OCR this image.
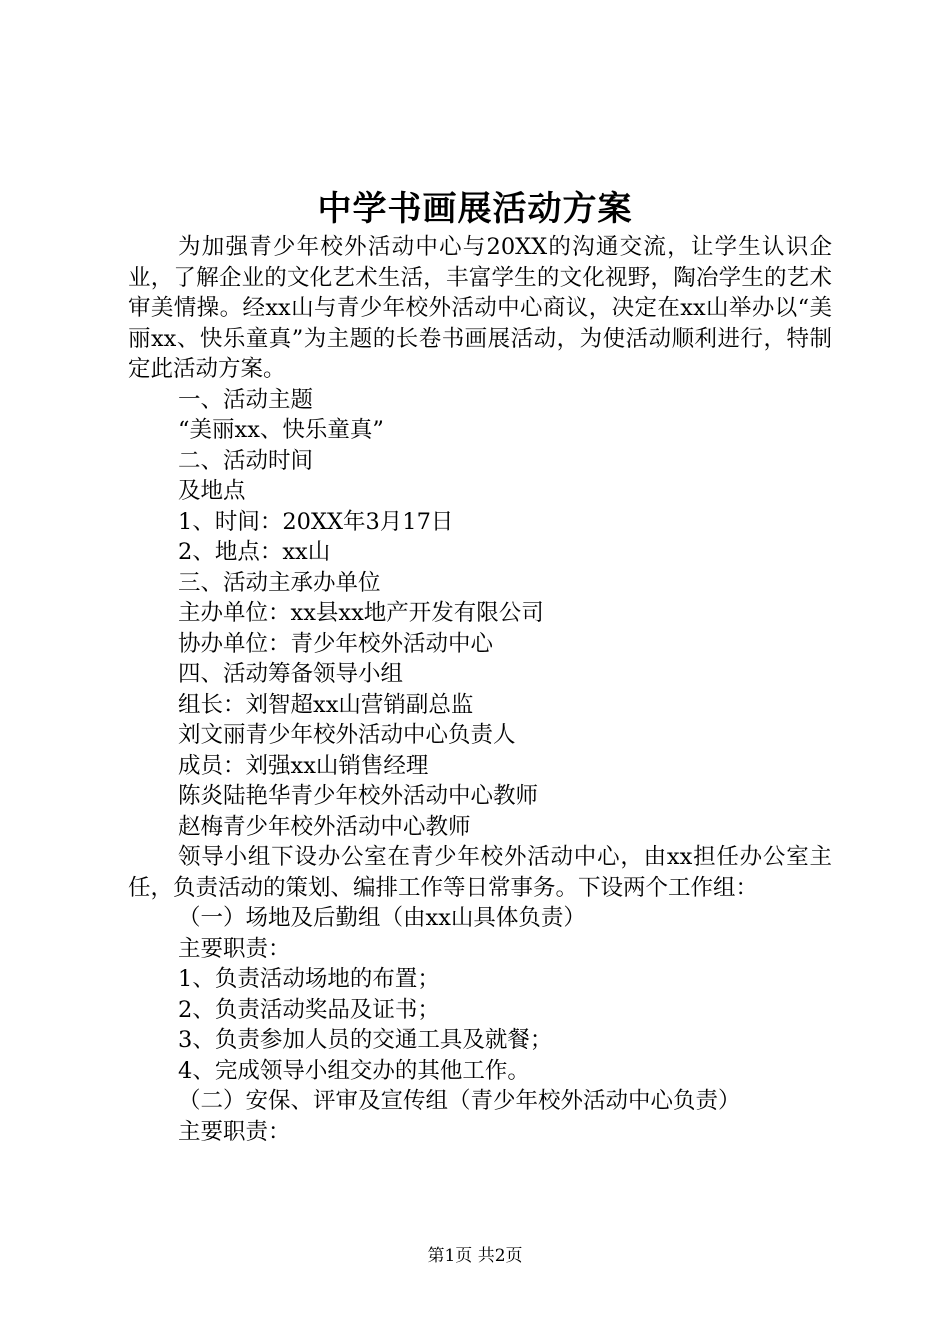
中学书画展活动方案

为加强青少年校外活动中心与20XX的沟通交流，让学生认识企业，了解企业的文化艺术生活，丰富学生的文化视野，陶冶学生的艺术审美情操。经xx山与青少年校外活动中心商议，决定在xx山举办以“美丽xx、快乐童真”为主题的长卷书画展活动，为使活动顺利进行，特制定此活动方案。

一、活动主题

“美丽xx、快乐童真”

二、活动时间

及地点

1、时间：20XX年3月17日

2、地点：xx山

三、活动主承办单位

主办单位：xx县xx地产开发有限公司

协办单位：青少年校外活动中心

四、活动筹备领导小组

组长：刘智超xx山营销副总监

刘文丽青少年校外活动中心负责人

成员：刘强xx山销售经理

陈炎陆艳华青少年校外活动中心教师

赵梅青少年校外活动中心教师

领导小组下设办公室在青少年校外活动中心，由xx担任办公室主任，负责活动的策划、编排工作等日常事务。下设两个工作组：

（一）场地及后勤组（由xx山具体负责）

主要职责：

1、负责活动场地的布置；

2、负责活动奖品及证书；

3、负责参加人员的交通工具及就餐；

4、完成领导小组交办的其他工作。

（二）安保、评审及宣传组（青少年校外活动中心负责）

主要职责：

第1页 共2页
